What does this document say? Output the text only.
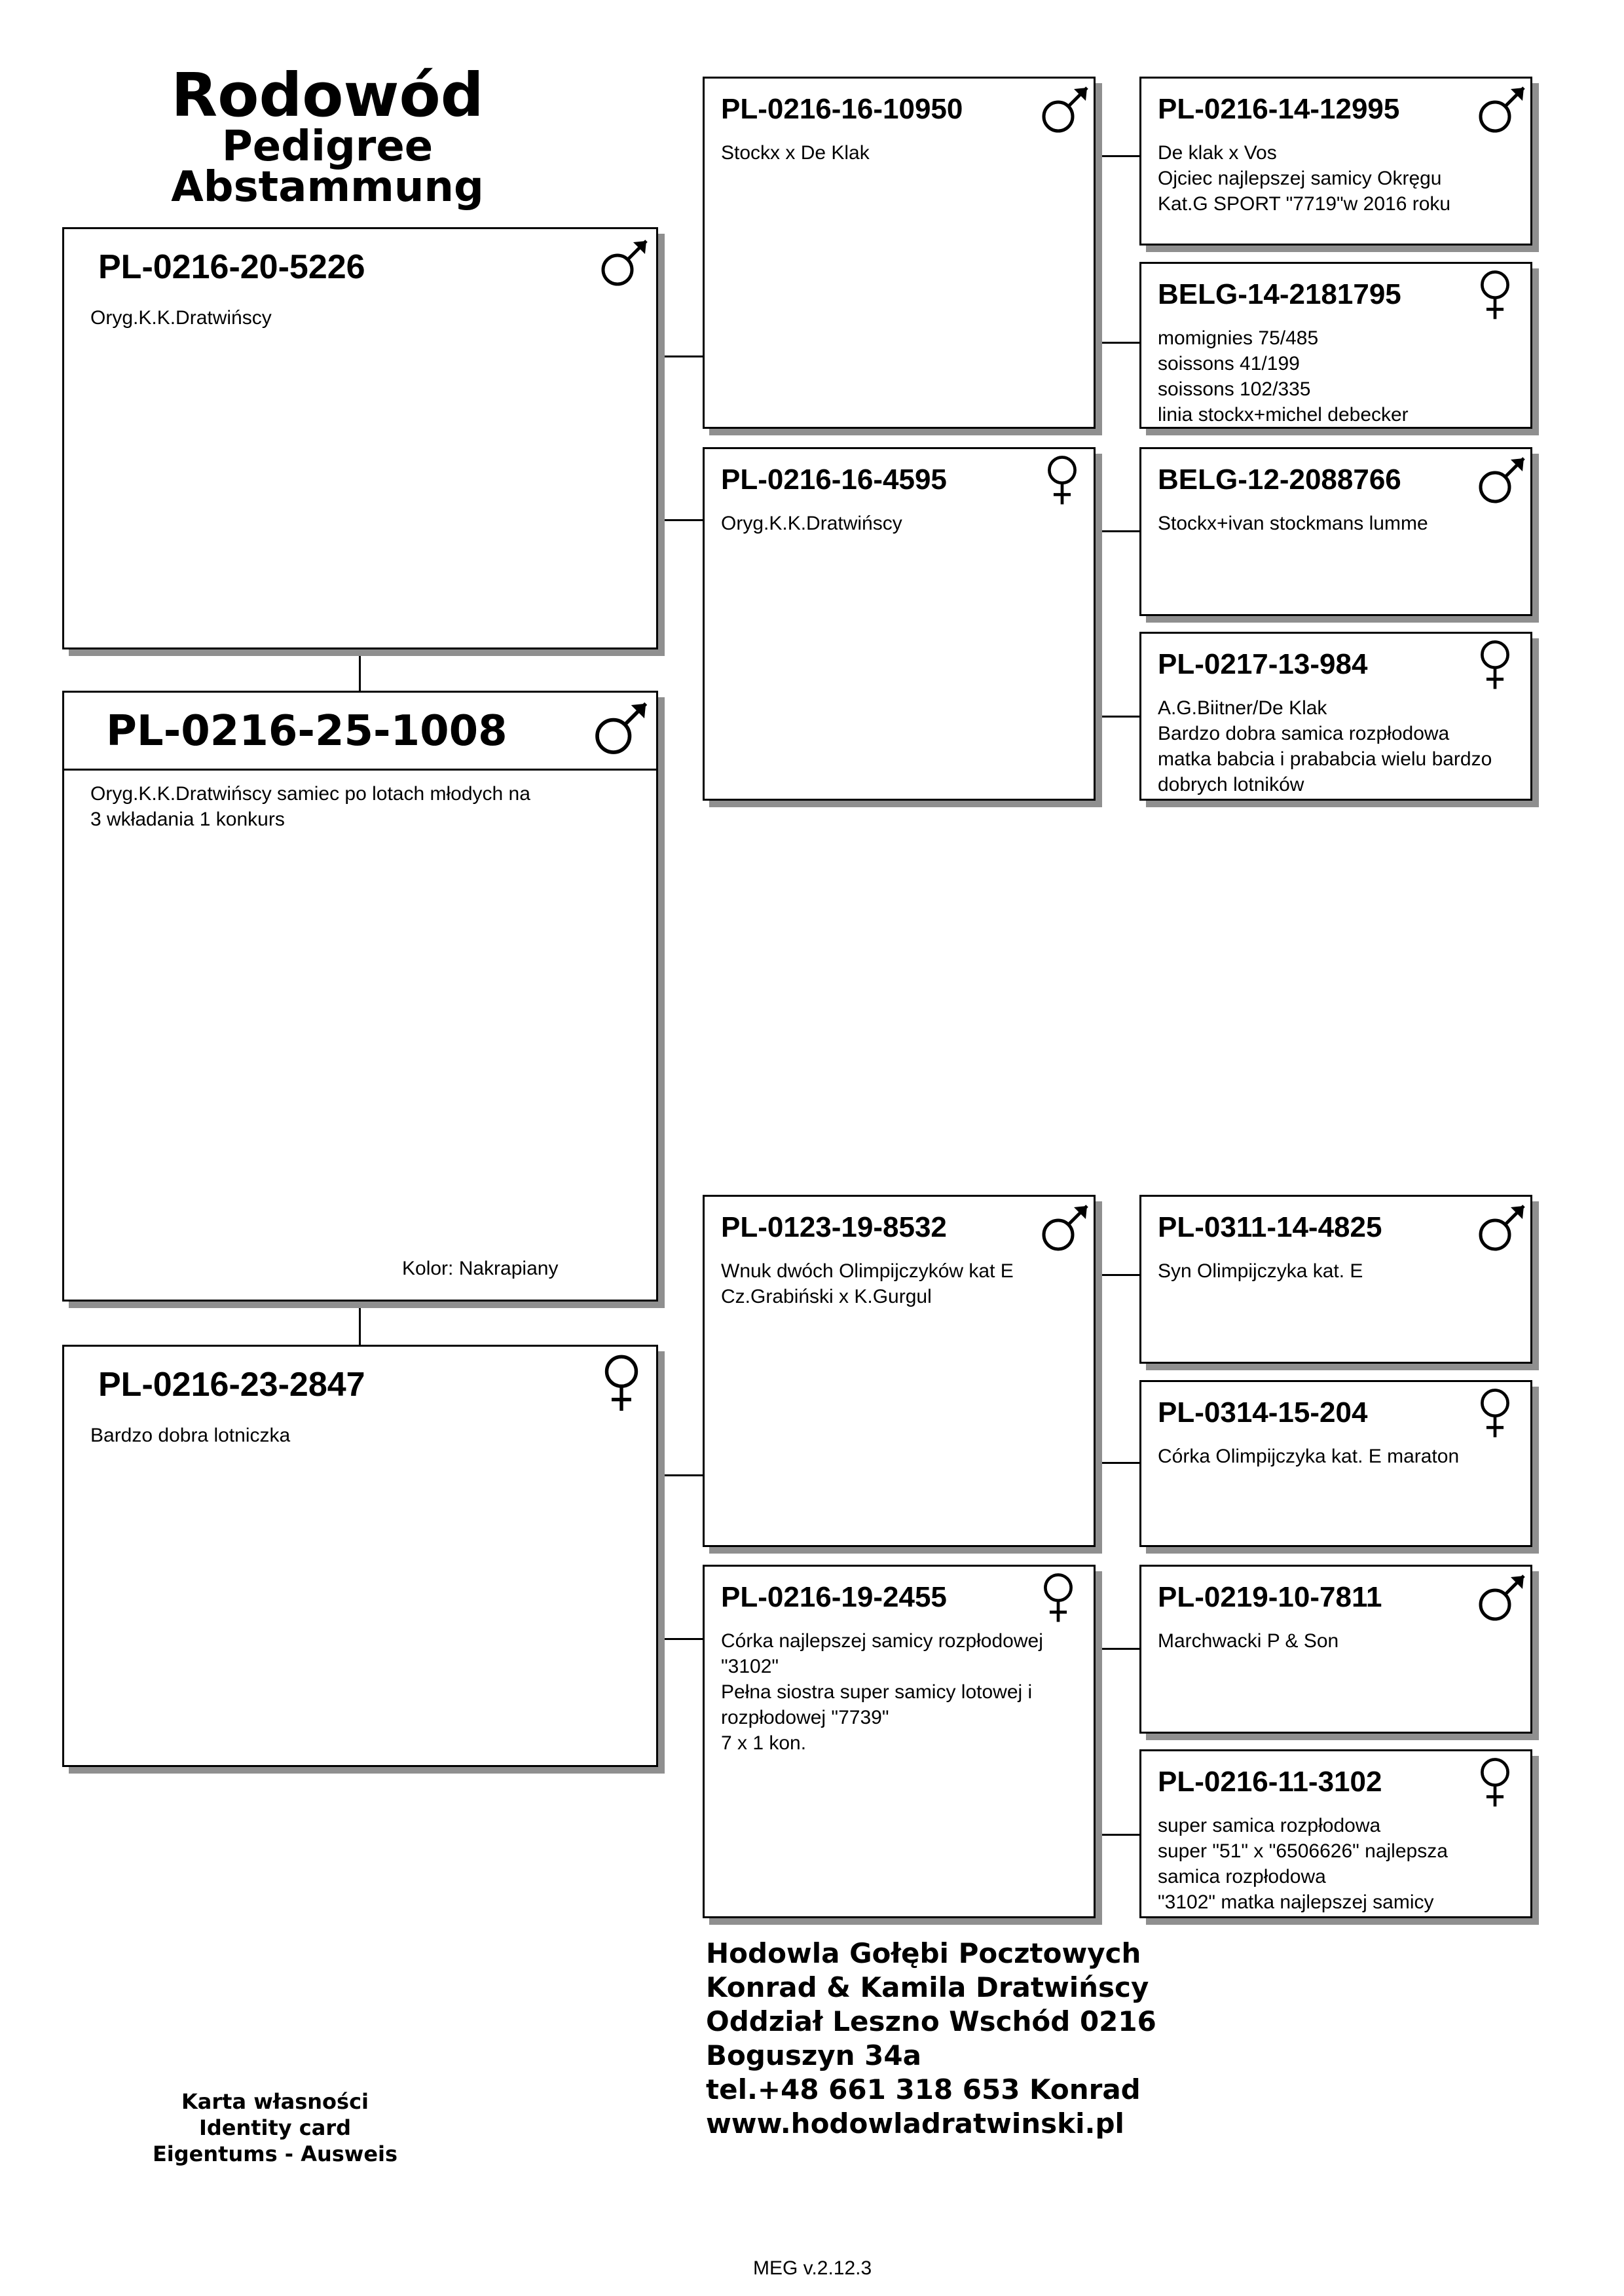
Rodowód
Pedigree
Abstammung
PL-0216-20-5226
Oryg.K.K.Dratwińscy
PL-0216-25-1008
Oryg.K.K.Dratwińscy samiec po lotach młodych na
3 wkładania 1 konkurs
Kolor: Nakrapiany
PL-0216-23-2847
Bardzo dobra lotniczka
PL-0216-16-10950
Stockx x De Klak
PL-0216-16-4595
Oryg.K.K.Dratwińscy
PL-0123-19-8532
Wnuk dwóch Olimpijczyków kat E
Cz.Grabiński x K.Gurgul
PL-0216-19-2455
Córka najlepszej samicy rozpłodowej
"3102"
Pełna siostra super samicy lotowej i
rozpłodowej "7739"
7 x 1 kon.
PL-0216-14-12995
De klak x Vos
Ojciec najlepszej samicy Okręgu
Kat.G SPORT "7719"w 2016 roku
BELG-14-2181795
momignies 75/485
soissons 41/199
soissons 102/335
linia stockx+michel debecker
BELG-12-2088766
Stockx+ivan stockmans lumme
PL-0217-13-984
A.G.Biitner/De Klak
Bardzo dobra samica rozpłodowa
matka babcia i prababcia wielu bardzo
dobrych lotników
PL-0311-14-4825
Syn Olimpijczyka kat. E
PL-0314-15-204
Córka Olimpijczyka kat. E maraton
PL-0219-10-7811
Marchwacki P & Son
PL-0216-11-3102
super samica rozpłodowa
super "51" x "6506626" najlepsza
samica rozpłodowa
"3102" matka najlepszej samicy
Hodowla Gołębi Pocztowych
Konrad & Kamila Dratwińscy
Oddział Leszno Wschód 0216
Boguszyn 34a
tel.+48 661 318 653 Konrad
www.hodowladratwinski.pl
Karta własności
Identity card
Eigentums - Ausweis
MEG v.2.12.3
